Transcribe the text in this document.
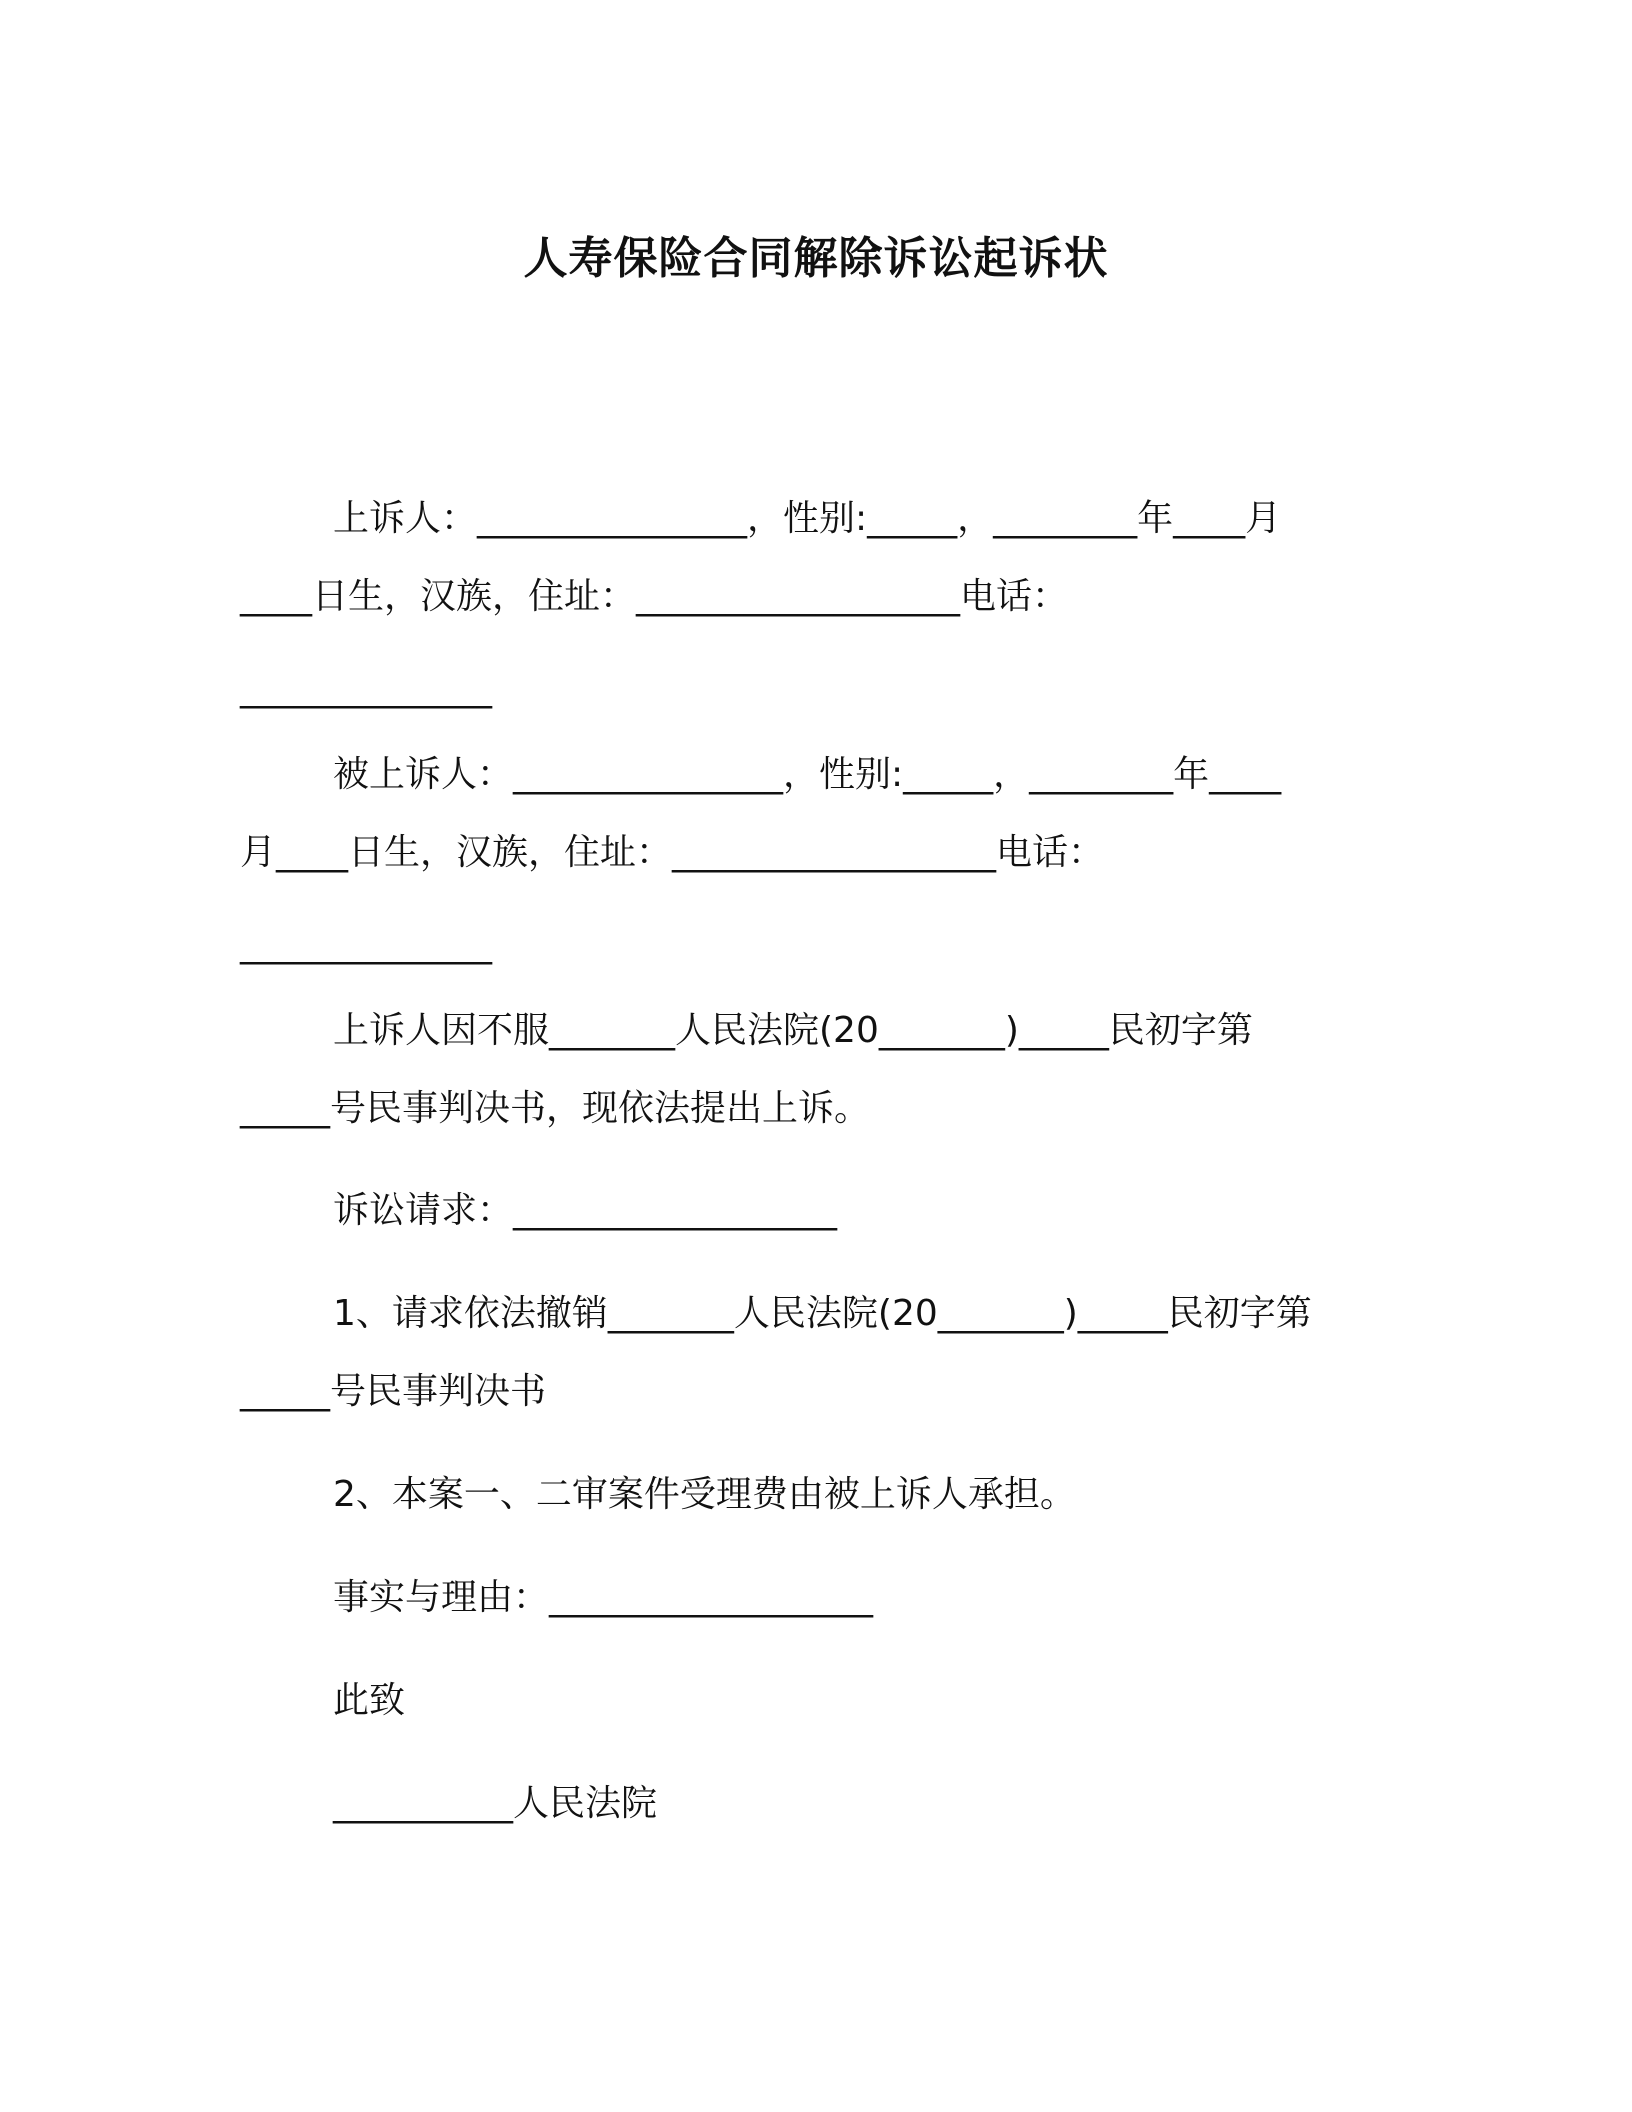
人寿保险合同解除诉讼起诉状
上诉人：_______________，性别:_____，________年____月
____日生，汉族，住址：__________________电话：
______________
被上诉人：_______________，性别:_____，________年____
月____日生，汉族，住址：__________________电话：
______________
上诉人因不服_______人民法院(20_______)_____民初字第
_____号民事判决书，现依法提出上诉。
诉讼请求：__________________
1、请求依法撤销_______人民法院(20_______)_____民初字第
_____号民事判决书
2、本案一、二审案件受理费由被上诉人承担。
事实与理由：__________________
此致
__________人民法院
